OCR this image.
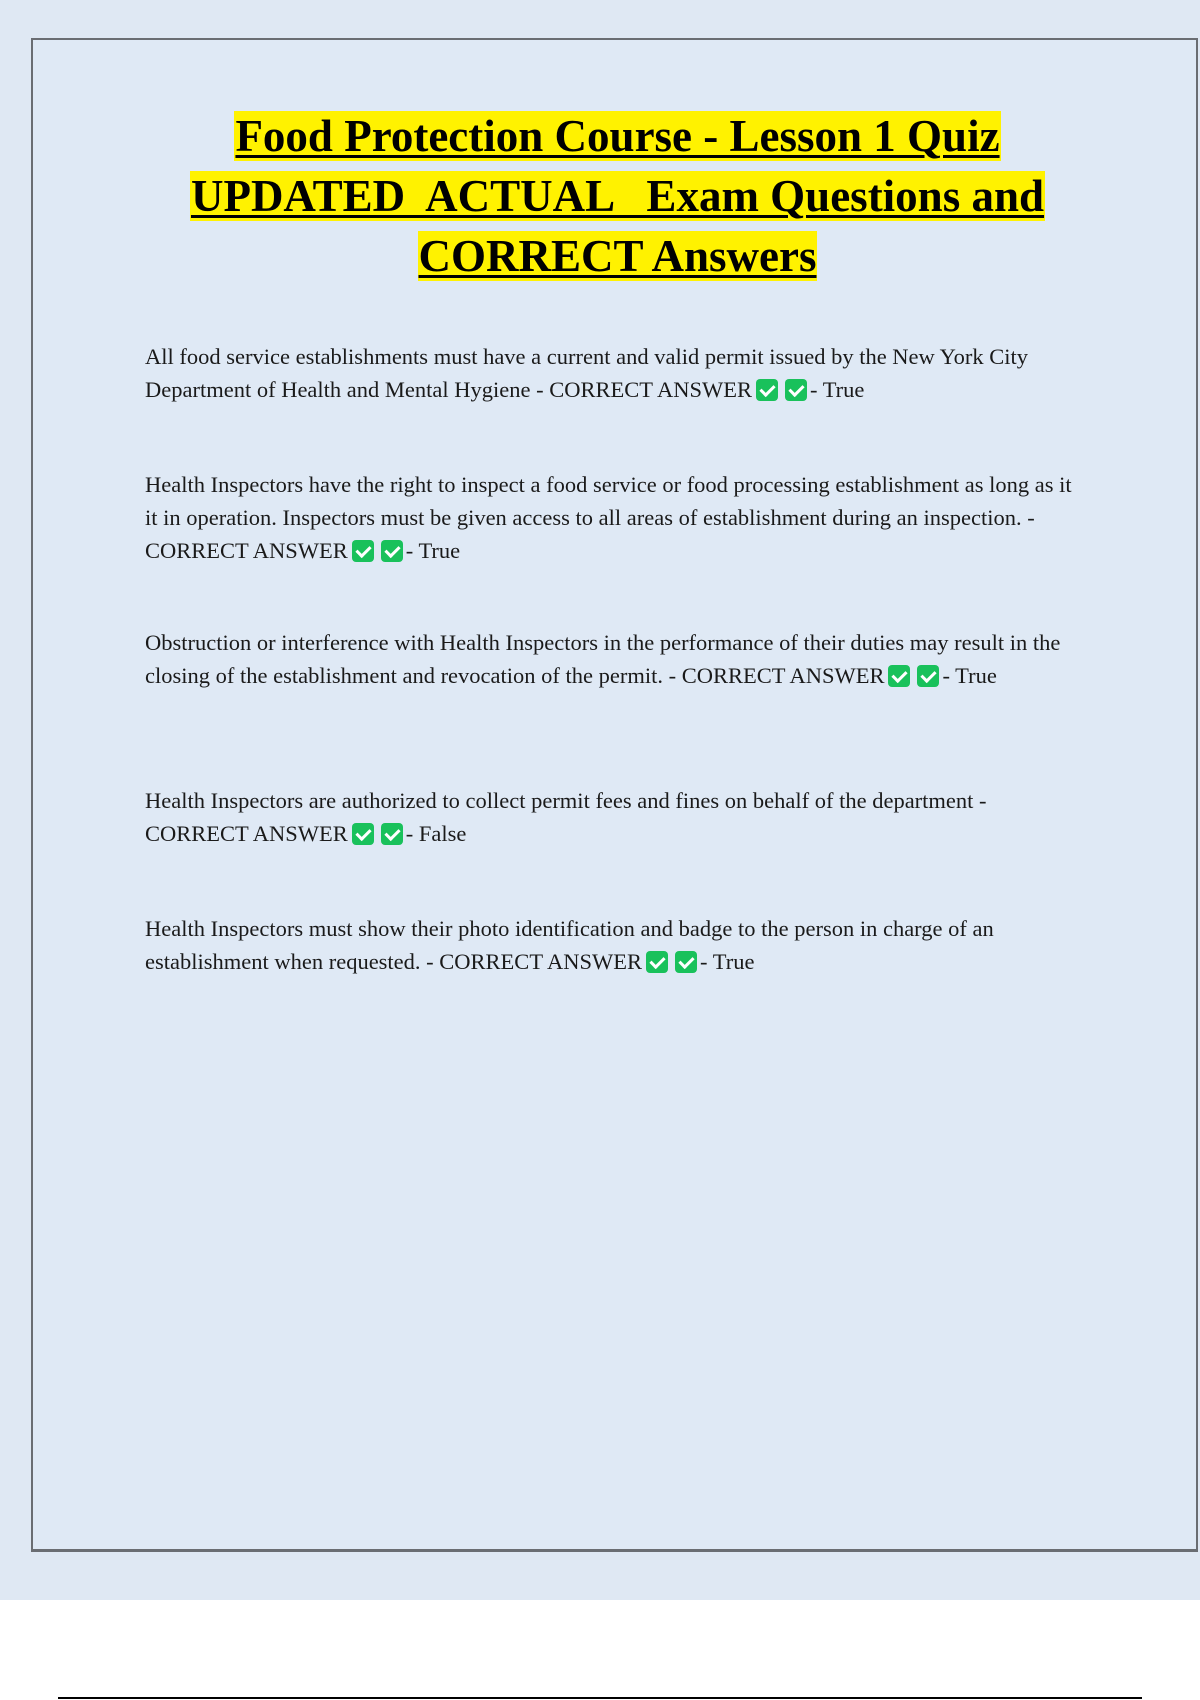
Food Protection Course - Lesson 1 Quiz
UPDATED  ACTUAL   Exam Questions and
CORRECT Answers

All food service establishments must have a current and valid permit issued by the New York City Department of Health and Mental Hygiene - CORRECT ANSWER	- True

Health Inspectors have the right to inspect a food service or food processing establishment as long as it it in operation. Inspectors must be given access to all areas of establishment during an inspection. - CORRECT ANSWER	- True

Obstruction or interference with Health Inspectors in the performance of their duties may result in the closing of the establishment and revocation of the permit. - CORRECT ANSWER	- True

Health Inspectors are authorized to collect permit fees and fines on behalf of the department - CORRECT ANSWER	- False

Health Inspectors must show their photo identification and badge to the person in charge of an establishment when requested. - CORRECT ANSWER	- True
